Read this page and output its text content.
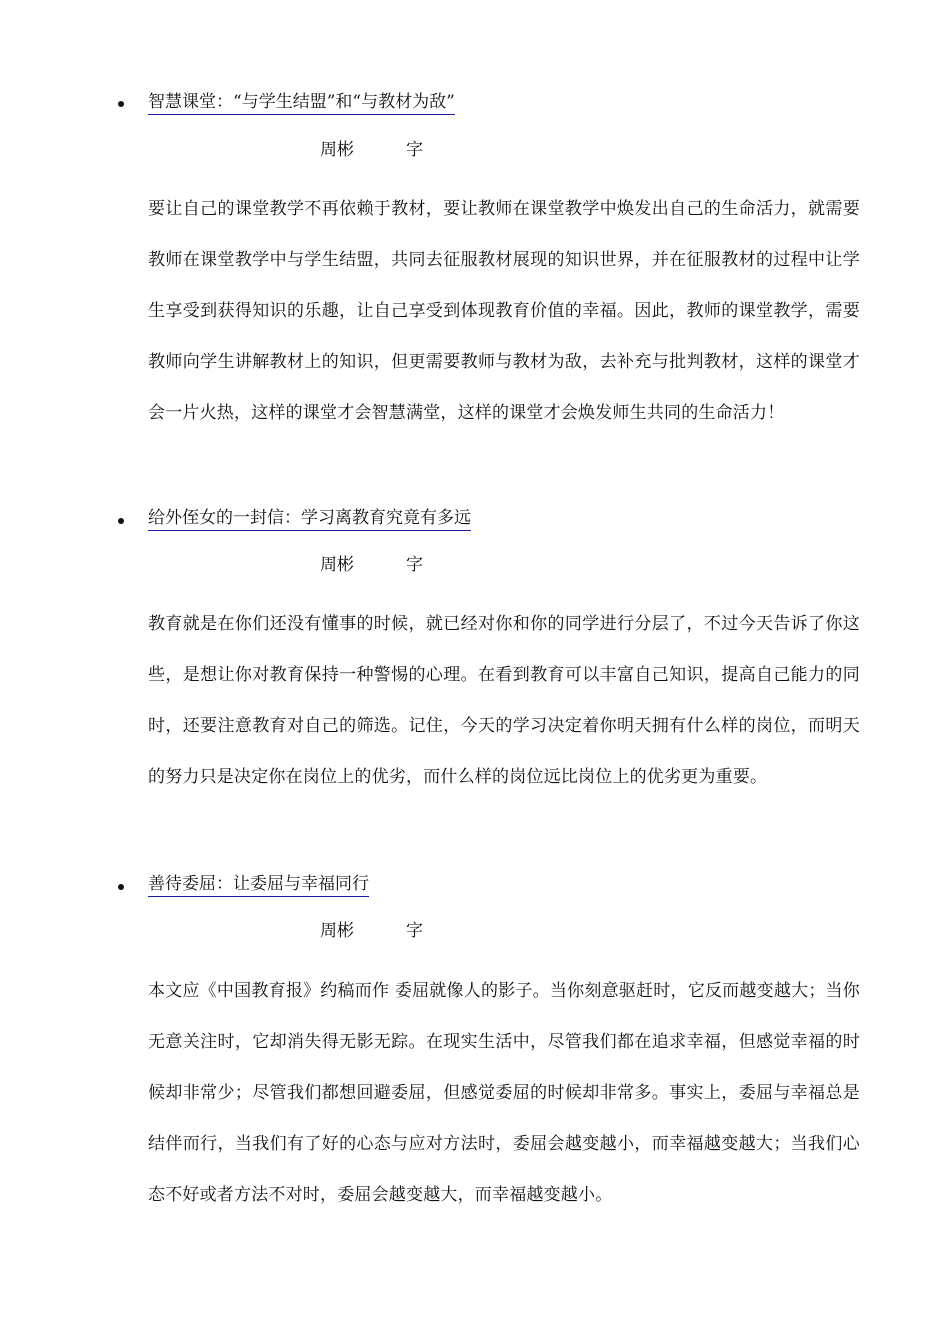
智慧课堂：“与学生结盟”和“与教材为敌”
周彬	字
要让自己的课堂教学不再依赖于教材，要让教师在课堂教学中焕发出自己的生命活力，就需要教师在课堂教学中与学生结盟，共同去征服教材展现的知识世界，并在征服教材的过程中让学生享受到获得知识的乐趣，让自己享受到体现教育价值的幸福。因此，教师的课堂教学，需要教师向学生讲解教材上的知识，但更需要教师与教材为敌，去补充与批判教材，这样的课堂才会一片火热，这样的课堂才会智慧满堂，这样的课堂才会焕发师生共同的生命活力！
给外侄女的一封信：学习离教育究竟有多远
周彬	字
教育就是在你们还没有懂事的时候，就已经对你和你的同学进行分层了，不过今天告诉了你这些，是想让你对教育保持一种警惕的心理。在看到教育可以丰富自己知识，提高自己能力的同时，还要注意教育对自己的筛选。记住，今天的学习决定着你明天拥有什么样的岗位，而明天的努力只是决定你在岗位上的优劣，而什么样的岗位远比岗位上的优劣更为重要。
善待委屈：让委屈与幸福同行
周彬	字
本文应《中国教育报》约稿而作 委屈就像人的影子。当你刻意驱赶时，它反而越变越大；当你无意关注时，它却消失得无影无踪。在现实生活中，尽管我们都在追求幸福，但感觉幸福的时候却非常少；尽管我们都想回避委屈，但感觉委屈的时候却非常多。事实上，委屈与幸福总是结伴而行，当我们有了好的心态与应对方法时，委屈会越变越小，而幸福越变越大；当我们心态不好或者方法不对时，委屈会越变越大，而幸福越变越小。
